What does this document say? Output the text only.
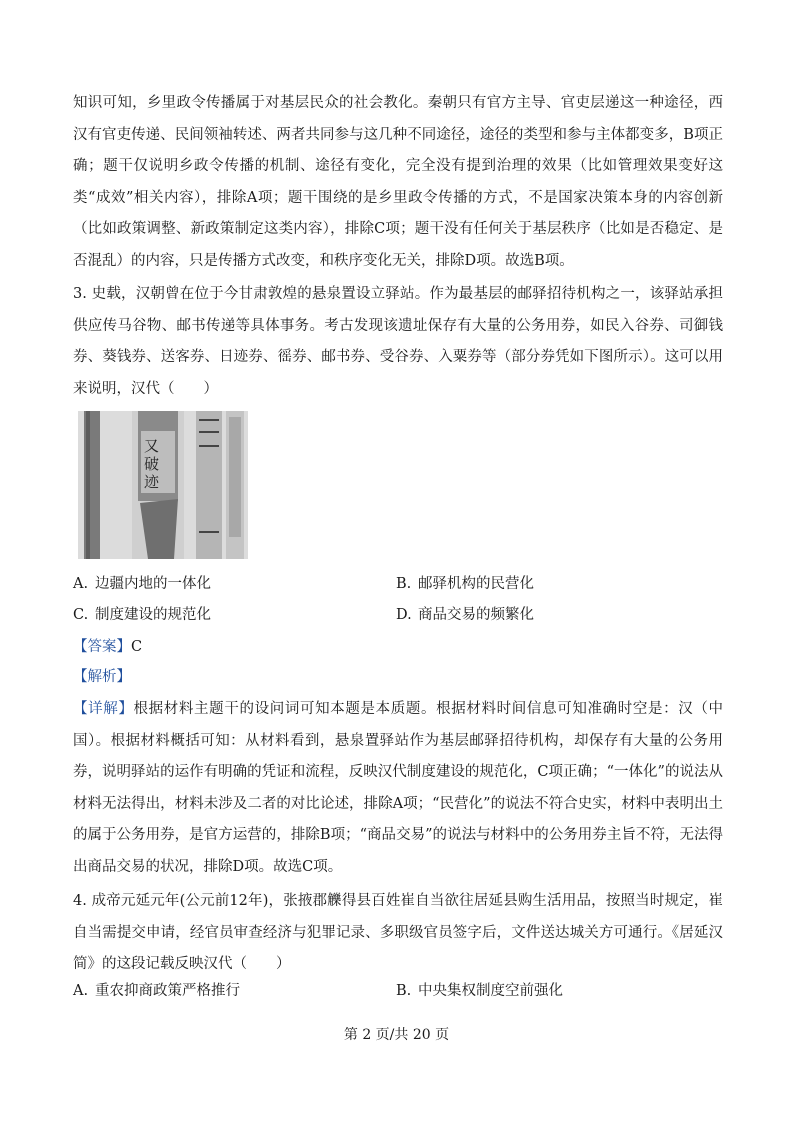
知识可知，乡里政令传播属于对基层民众的社会教化。秦朝只有官方主导、官吏层递这一种途径，西汉有官吏传递、民间领袖转述、两者共同参与这几种不同途径，途径的类型和参与主体都变多，B项正确；题干仅说明乡政令传播的机制、途径有变化，完全没有提到治理的效果（比如管理效果变好这类“成效”相关内容），排除A项；题干围绕的是乡里政令传播的方式，不是国家决策本身的内容创新（比如政策调整、新政策制定这类内容），排除C项；题干没有任何关于基层秩序（比如是否稳定、是否混乱）的内容，只是传播方式改变，和秩序变化无关，排除D项。故选B项。

3. 史载，汉朝曾在位于今甘肃敦煌的悬泉置设立驿站。作为最基层的邮驿招待机构之一，该驿站承担供应传马谷物、邮书传递等具体事务。考古发现该遗址保存有大量的公务用券，如民入谷券、司御钱券、葵钱券、送客券、日迹券、徭券、邮书券、受谷券、入粟券等（部分券凭如下图所示）。这可以用来说明，汉代（　　）

又
破
迹

A. 边疆内地的一体化	B. 邮驿机构的民营化

C. 制度建设的规范化	D. 商品交易的频繁化

【答案】C

【解析】

【详解】根据材料主题干的设问词可知本题是本质题。根据材料时间信息可知准确时空是：汉（中国）。根据材料概括可知：从材料看到，悬泉置驿站作为基层邮驿招待机构，却保存有大量的公务用券，说明驿站的运作有明确的凭证和流程，反映汉代制度建设的规范化，C项正确；“一体化”的说法从材料无法得出，材料未涉及二者的对比论述，排除A项；“民营化”的说法不符合史实，材料中表明出土的属于公务用券，是官方运营的，排除B项；“商品交易”的说法与材料中的公务用券主旨不符，无法得出商品交易的状况，排除D项。故选C项。

4. 成帝元延元年(公元前12年)，张掖郡觻得县百姓崔自当欲往居延县购生活用品，按照当时规定，崔自当需提交申请，经官员审查经济与犯罪记录、多职级官员签字后，文件送达城关方可通行。《居延汉简》的这段记载反映汉代（　　）

A. 重农抑商政策严格推行	B. 中央集权制度空前强化

第 2 页/共 20 页
